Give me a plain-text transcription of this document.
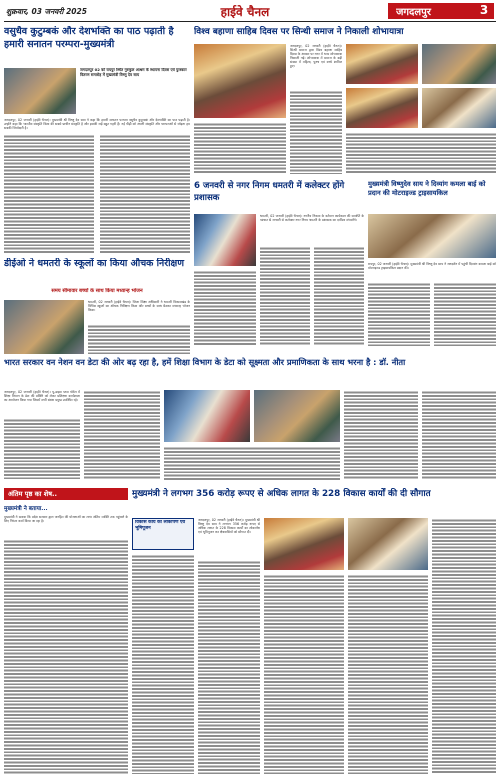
शुक्रवार, 03 जनवरी 2025	हाईवे चैनल	जगदलपुर	3
वसुधैव कुटुम्बकं और देशभक्ति का पाठ पढ़ाती है हमारी सनातन परम्परा-मुख्यमंत्री
जगदलपुर 02 को रायपुर स्थित गुरुकुल आश्रम के स्थापना दिवस एवं पुरस्कार वितरण समारोह में मुख्यमंत्री विष्णु देव साय
जगदलपुर, 02 जनवरी (हाईवे चैनल)। मुख्यमंत्री श्री विष्णु देव साय ने कहा कि हमारी सनातन परम्परा वसुधैव कुटुम्बकं और देशभक्ति का पाठ पढ़ाती है। उन्होंने कहा कि भारतीय संस्कृति विश्व की सबसे प्राचीन संस्कृति है और इसकी जड़ें बहुत गहरी हैं। नई पीढ़ी को अपनी संस्कृति और परम्पराओं से जोड़ना हम सबकी जिम्मेदारी है।
विश्व बहाणा साहिब दिवस पर सिन्धी समाज ने निकाली शोभायात्रा
जगदलपुर, 02 जनवरी (हाईवे चैनल)। सिन्धी समाज द्वारा विश्व बहाणा साहिब दिवस के अवसर पर नगर में भव्य शोभायात्रा निकाली गई। शोभायात्रा में समाज के बड़ी संख्या में महिला, पुरुष एवं बच्चे शामिल हुए।
6 जनवरी से नगर निगम धमतरी में कलेक्टर होंगे प्रशासक
धमतरी, 02 जनवरी (हाईवे चैनल)। नगरीय निकाय के वर्तमान कार्यकाल की समाप्ति के पश्चात 6 जनवरी से कलेक्टर नगर निगम धमतरी के प्रशासक का दायित्व संभालेंगे।
मुख्यमंत्री विष्णुदेव साय ने दिव्यांग कमला बाई को प्रदान की मोटराइज्ड ट्राइसायकिल
रायपुर, 02 जनवरी (हाईवे चैनल)। मुख्यमंत्री श्री विष्णु देव साय ने जनदर्शन में पहुंची दिव्यांग कमला बाई को मोटराइज्ड ट्राइसायकिल प्रदान की।
डीईओ ने धमतरी के स्कूलों का किया औचक निरीक्षण
समय सीमावार बच्चों के साथ किया मध्यान्ह भोजन
धमतरी, 02 जनवरी (हाईवे चैनल)। जिला शिक्षा अधिकारी ने धमतरी विकासखंड के विभिन्न स्कूलों का औचक निरीक्षण किया और बच्चों के साथ बैठकर मध्यान्ह भोजन किया।
भारत सरकार वन नेशन वन डेटा की ओर बढ़ रहा है, हमें शिक्षा विभाग के डेटा को सूक्ष्मता और प्रमाणिकता के साथ भरना है : डॉ. नीता
जगदलपुर, 02 जनवरी (हाईवे चैनल)। यू-डाइस प्लस पोर्टल में शिक्षा विभाग के डेटा की प्रविष्टि को लेकर प्रशिक्षण कार्यशाला का आयोजन किया गया जिसमें सभी संस्था प्रमुख उपस्थित रहे।
अंतिम पृष्ठ का शेष..
मुख्यमंत्री ने बताया...
मुख्यमंत्री ने बताया कि प्रदेश सरकार द्वारा जनहित की योजनाओं का लाभ अंतिम व्यक्ति तक पहुंचाने के लिए निरंतर कार्य किया जा रहा है।
मुख्यमंत्री ने लगभग 356 करोड़ रूपए से अधिक लागत के 228 विकास कार्यों की दी सौगात
विकास कार्य का लोकार्पण एवं भूमिपूजन
जगदलपुर, 02 जनवरी (हाईवे चैनल)। मुख्यमंत्री श्री विष्णु देव साय ने लगभग 356 करोड़ रूपए से अधिक लागत के 228 विकास कार्यों का लोकार्पण एवं भूमिपूजन कर क्षेत्रवासियों को सौगात दी।
